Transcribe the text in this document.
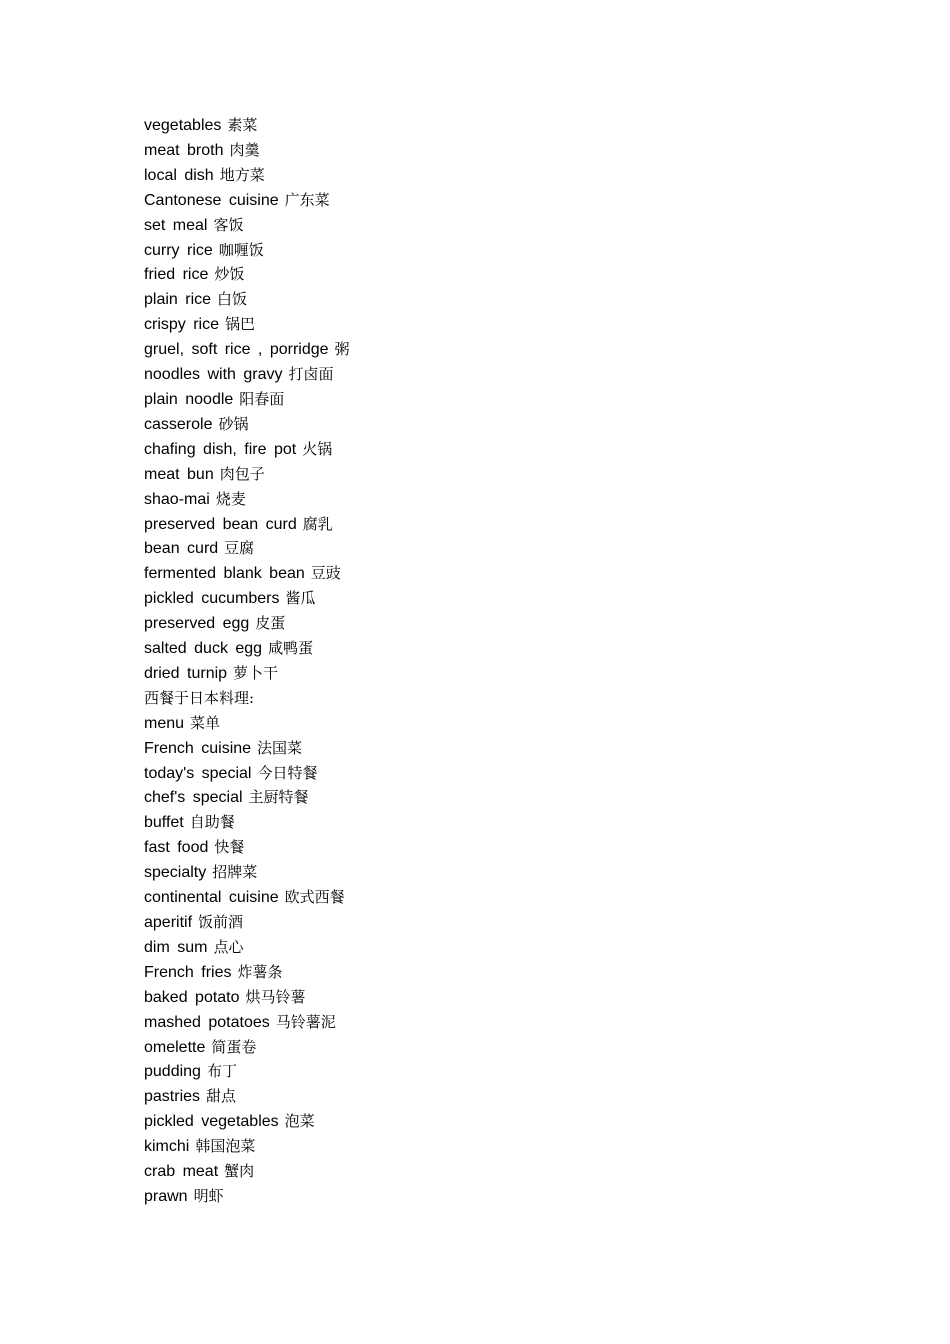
vegetables 素菜
meat broth 肉羹
local dish 地方菜
Cantonese cuisine 广东菜
set meal 客饭
curry rice 咖喱饭
fried rice 炒饭
plain rice 白饭
crispy rice 锅巴
gruel, soft rice , porridge 粥
noodles with gravy 打卤面
plain noodle 阳春面
casserole 砂锅
chafing dish, fire pot 火锅
meat bun 肉包子
shao-mai 烧麦
preserved bean curd 腐乳
bean curd 豆腐
fermented blank bean 豆豉
pickled cucumbers 酱瓜
preserved egg 皮蛋
salted duck egg 咸鸭蛋
dried turnip 萝卜干
西餐于日本料理:
menu 菜单
French cuisine 法国菜
today's special 今日特餐
chef's special 主厨特餐
buffet 自助餐
fast food 快餐
specialty 招牌菜
continental cuisine 欧式西餐
aperitif 饭前酒
dim sum 点心
French fries 炸薯条
baked potato 烘马铃薯
mashed potatoes 马铃薯泥
omelette 简蛋卷
pudding 布丁
pastries 甜点
pickled vegetables 泡菜
kimchi 韩国泡菜
crab meat 蟹肉
prawn 明虾
